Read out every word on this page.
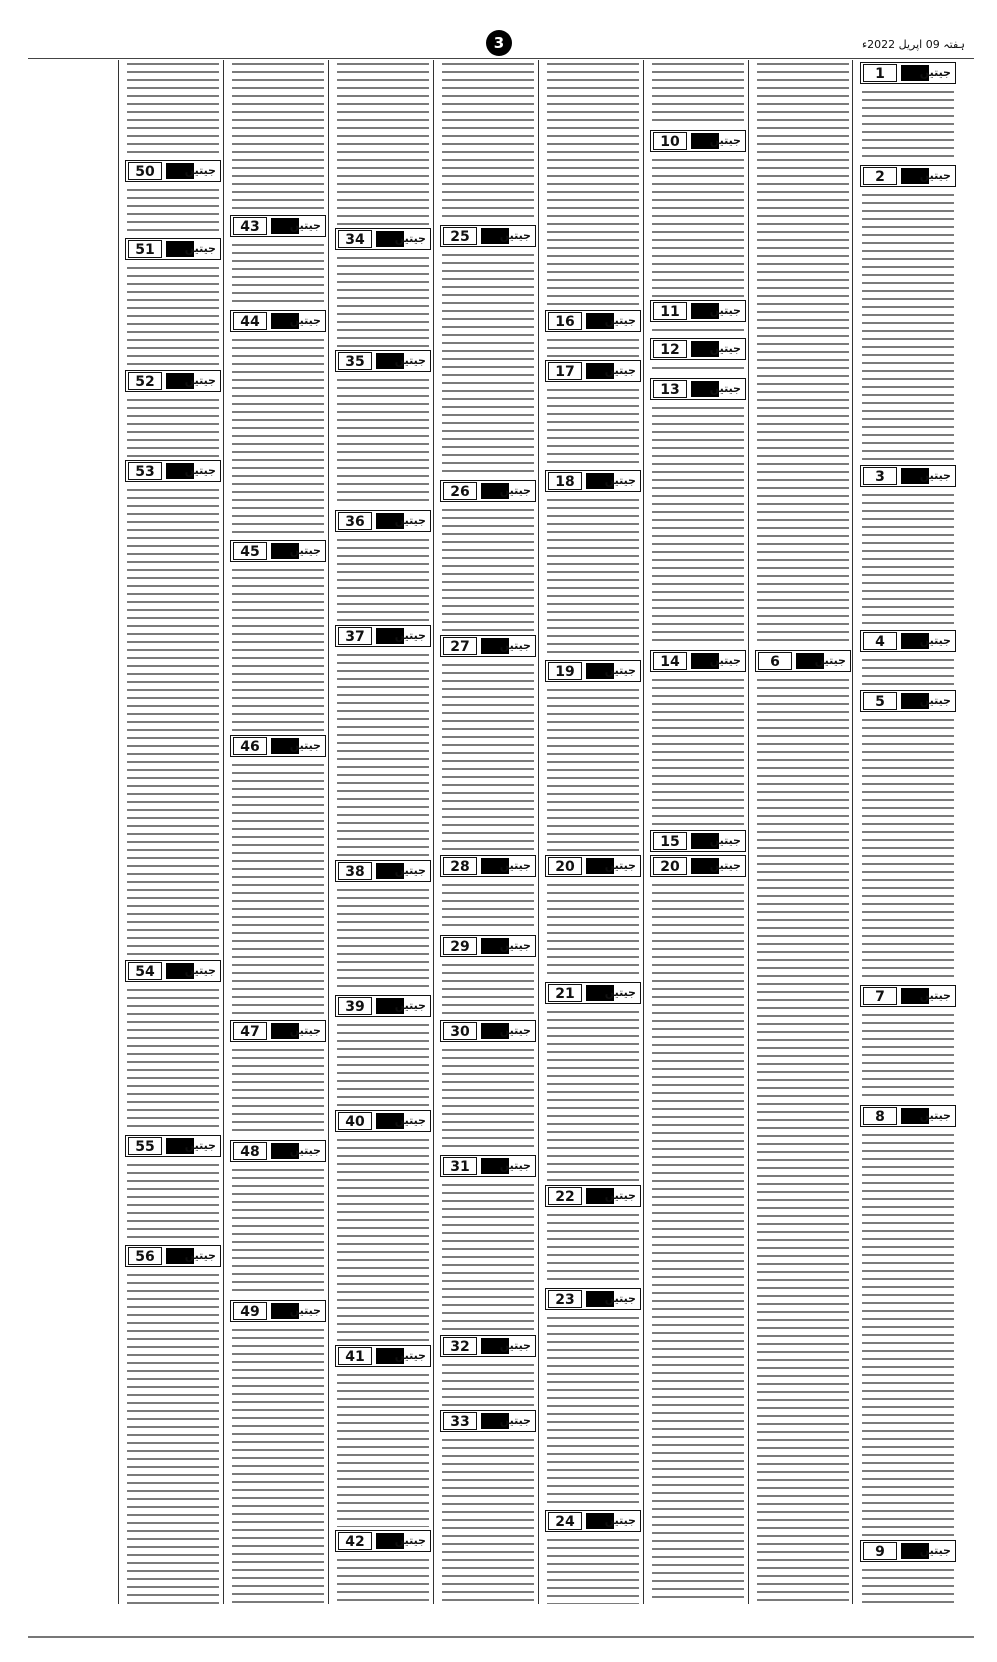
ہفتہ 09 اپریل 2022ء
3
1	جیتیں
2	جیتیں
3	جیتیں
4	جیتیں
5	جیتیں
7	جیتیں
8	جیتیں
9	جیتیں
6	جیتیں
10	جیتیں
11	جیتیں
12	جیتیں
13	جیتیں
14	جیتیں
15	جیتیں
20	جیتیں
16	جیتیں
17	جیتیں
18	جیتیں
19	جیتیں
20	جیتیں
21	جیتیں
22	جیتیں
23	جیتیں
24	جیتیں
25	جیتیں
26	جیتیں
27	جیتیں
28	جیتیں
29	جیتیں
30	جیتیں
31	جیتیں
32	جیتیں
33	جیتیں
34	جیتیں
35	جیتیں
36	جیتیں
37	جیتیں
38	جیتیں
39	جیتیں
40	جیتیں
41	جیتیں
42	جیتیں
43	جیتیں
44	جیتیں
45	جیتیں
46	جیتیں
47	جیتیں
48	جیتیں
49	جیتیں
50	جیتیں
51	جیتیں
52	جیتیں
53	جیتیں
54	جیتیں
55	جیتیں
56	جیتیں
